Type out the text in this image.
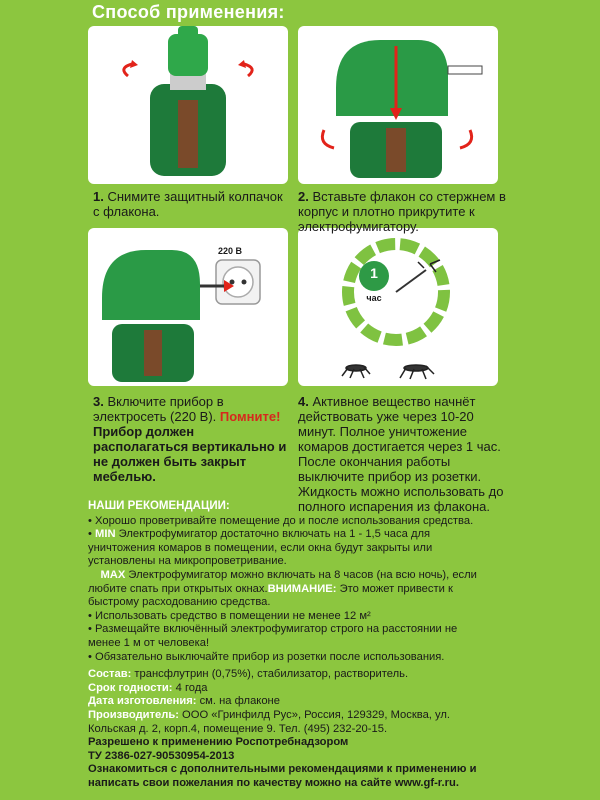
Способ применения:
220 В
1
час
1. Снимите защитный колпачок с флакона.
2. Вставьте флакон со стержнем в корпус и плотно прикрутите к электрофумигатору.
3. Включите прибор в электросеть (220 В). Помните! Прибор должен располагаться вертикально и не должен быть закрыт мебелью.
4. Активное вещество начнёт действовать уже через 10-20 минут. Полное уничтожение комаров достигается через 1 час. После окончания работы выключите прибор из розетки. Жидкость можно использовать до полного испарения из флакона.
НАШИ РЕКОМЕНДАЦИИ:

• Хорошо проветривайте помещение до и после использования средства.

• MIN Электрофумигатор достаточно включать на 1 - 1,5 часа для уничтожения комаров в помещении, если окна будут закрыты или установлены на микропроветривание.

MAX Электрофумигатор можно включать на 8 часов (на всю ночь), если любите спать при открытых окнах.ВНИМАНИЕ: Это может привести к быстрому расходованию средства.

• Использовать средство в помещении не менее 12 м²

• Размещайте включённый электрофумигатор строго на расстоянии не менее 1 м от человека!

• Обязательно выключайте прибор из розетки после использования.

Состав: трансфлутрин (0,75%), стабилизатор, растворитель.

Срок годности: 4 года

Дата изготовления: см. на флаконе

Производитель: ООО «Гринфилд Рус», Россия, 129329, Москва, ул. Кольская д. 2, корп.4, помещение 9. Тел. (495) 232-20-15.

Разрешено к применению Роспотребнадзором

ТУ 2386-027-90530954-2013

Ознакомиться с дополнительными рекомендациями к применению и написать свои пожелания по качеству можно на сайте www.gf-r.ru.
